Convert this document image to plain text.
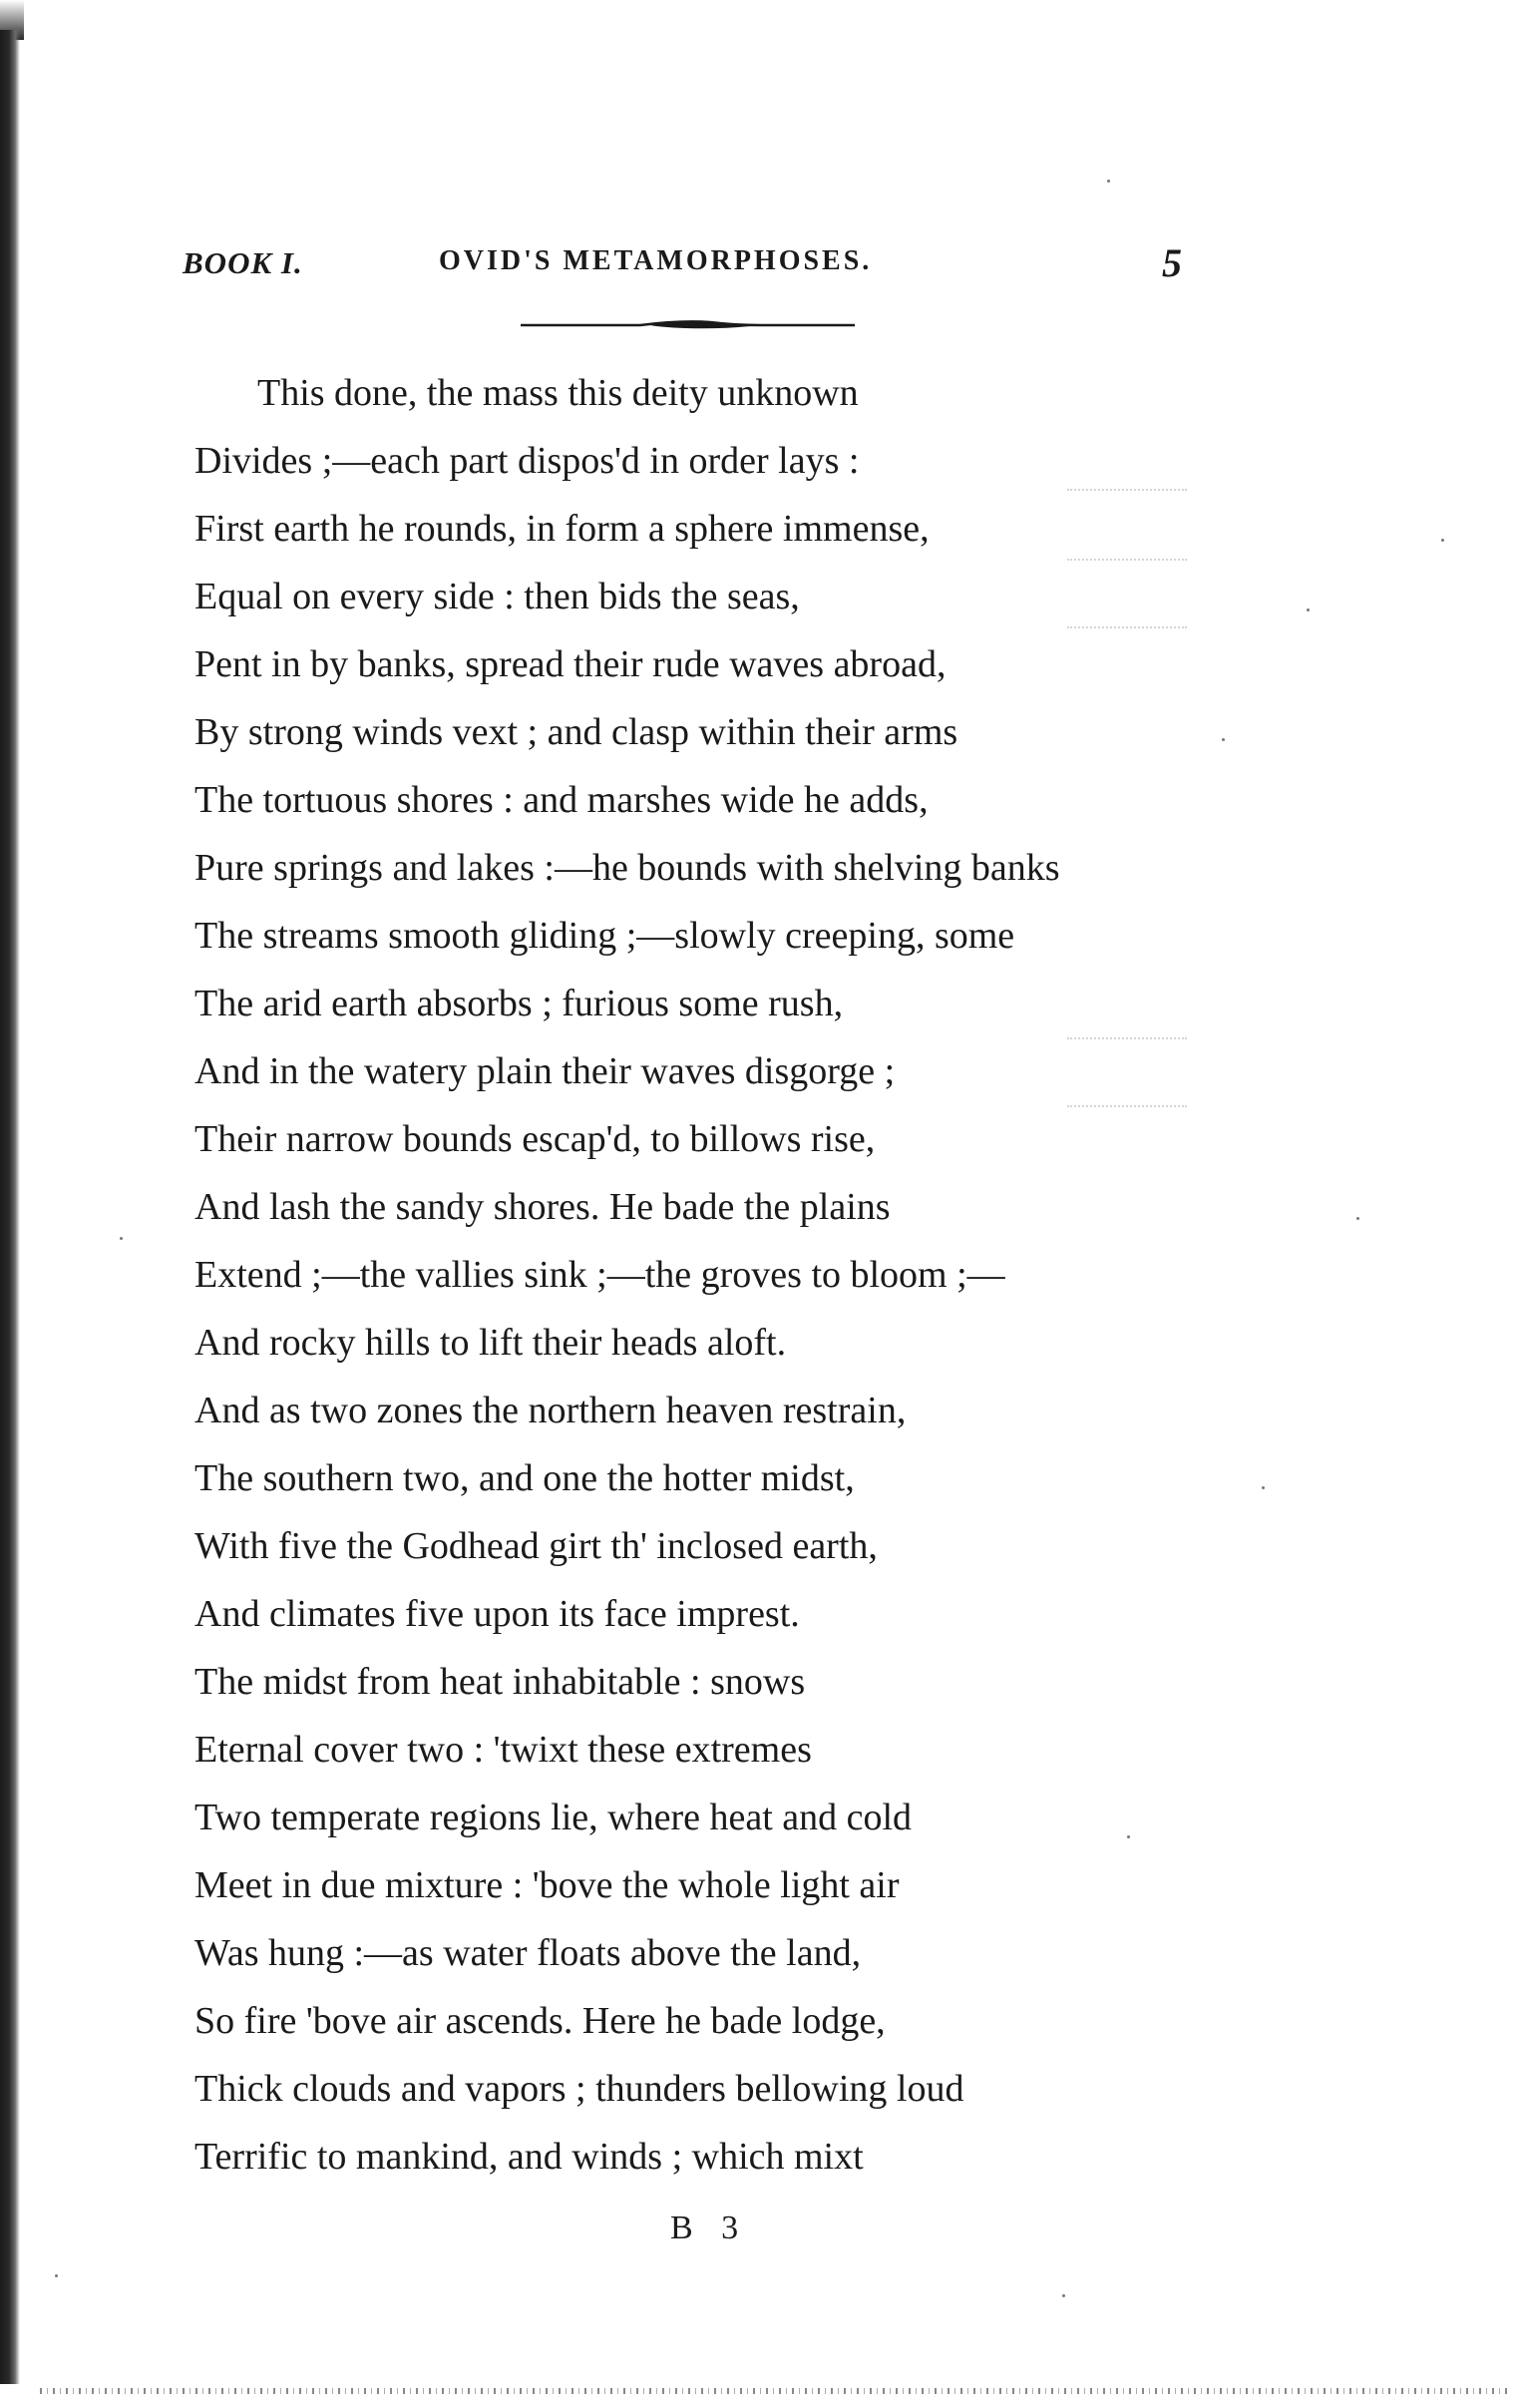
BOOK I.	OVID'S METAMORPHOSES.	5
This done, the mass this deity unknown
Divides ;—each part dispos'd in order lays :
First earth he rounds, in form a sphere immense,
Equal on every side : then bids the seas,
Pent in by banks, spread their rude waves abroad,
By strong winds vext ; and clasp within their arms
The tortuous shores : and marshes wide he adds,
Pure springs and lakes :—he bounds with shelving banks
The streams smooth gliding ;—slowly creeping, some
The arid earth absorbs ; furious some rush,
And in the watery plain their waves disgorge ;
Their narrow bounds escap'd, to billows rise,
And lash the sandy shores. He bade the plains
Extend ;—the vallies sink ;—the groves to bloom ;—
And rocky hills to lift their heads aloft.
And as two zones the northern heaven restrain,
The southern two, and one the hotter midst,
With five the Godhead girt th' inclosed earth,
And climates five upon its face imprest.
The midst from heat inhabitable : snows
Eternal cover two : 'twixt these extremes
Two temperate regions lie, where heat and cold
Meet in due mixture : 'bove the whole light air
Was hung :—as water floats above the land,
So fire 'bove air ascends. Here he bade lodge,
Thick clouds and vapors ; thunders bellowing loud
Terrific to mankind, and winds ; which mixt
B 3
